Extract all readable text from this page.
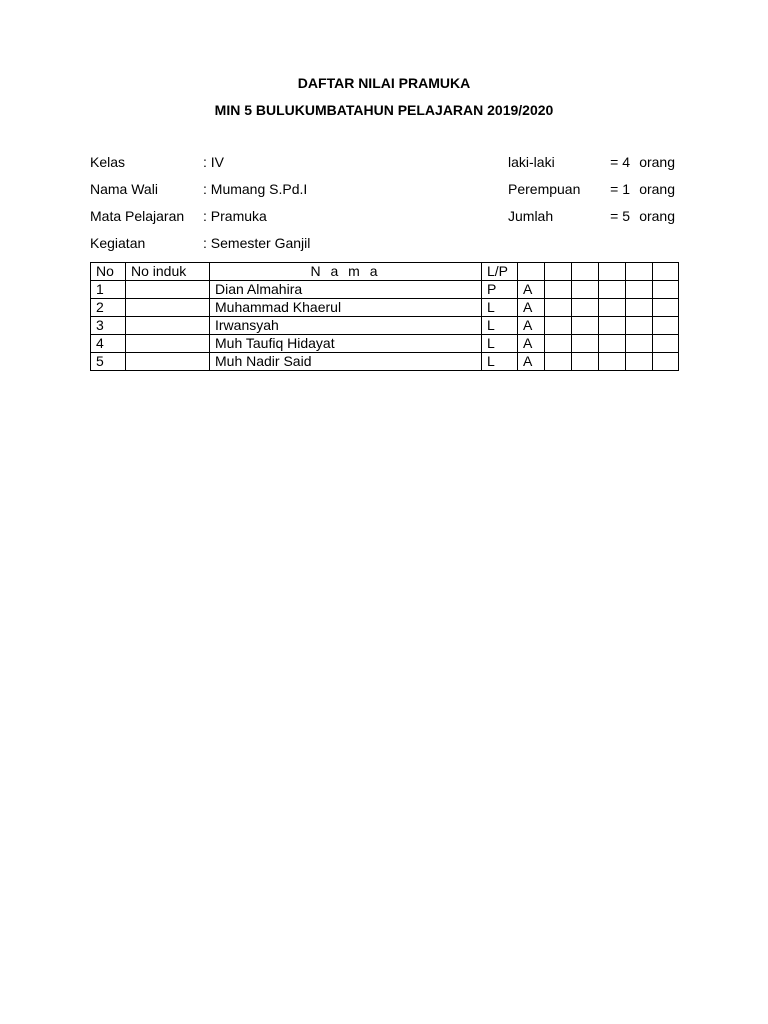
DAFTAR NILAI PRAMUKA
MIN 5 BULUKUMBATAHUN PELAJARAN 2019/2020
Kelas	: IV
Nama Wali	: Mumang S.Pd.I
Mata Pelajaran	: Pramuka
Kegiatan	: Semester Ganjil
laki-laki	= 4 orang
Perempuan	= 1 orang
Jumlah	= 5 orang
No	No induk	N a m a	L/P						
1		Dian Almahira	P	A					
2		Muhammad Khaerul	L	A					
3		Irwansyah	L	A					
4		Muh Taufiq Hidayat	L	A					
5		Muh Nadir Said	L	A					
